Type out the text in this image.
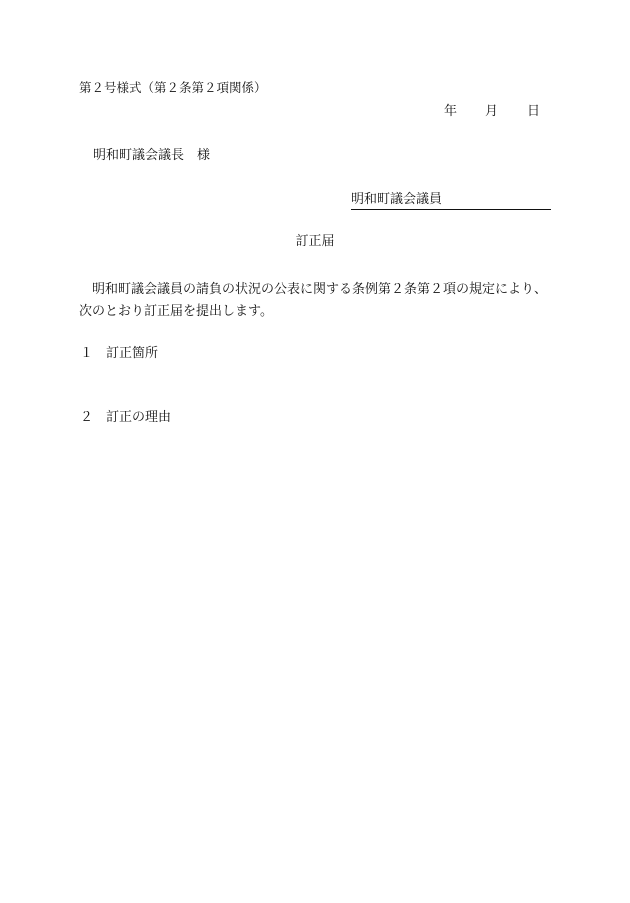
第２号様式（第２条第２項関係）
年 月 日
明和町議会議長　様
明和町議会議員
訂正届
明和町議会議員の請負の状況の公表に関する条例第２条第２項の規定により、次のとおり訂正届を提出します。
１ 訂正箇所
２ 訂正の理由
